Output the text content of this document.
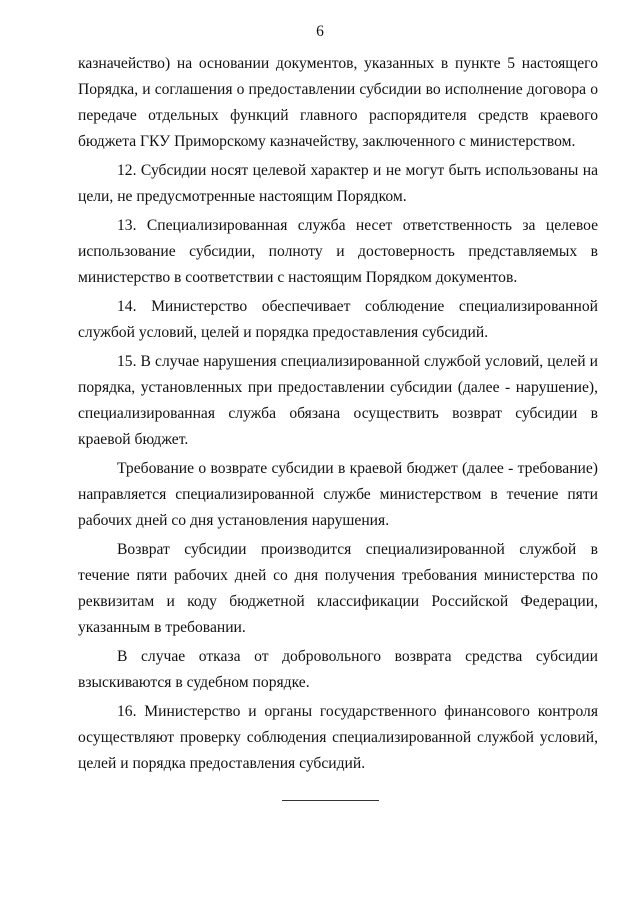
6

казначейство) на основании документов, указанных в пункте 5 настоящего Порядка, и соглашения о предоставлении субсидии во исполнение договора о передаче отдельных функций главного распорядителя средств краевого бюджета ГКУ Приморскому казначейству, заключенного с министерством.

12. Субсидии носят целевой характер и не могут быть использованы на цели, не предусмотренные настоящим Порядком.

13. Специализированная служба несет ответственность за целевое использование субсидии, полноту и достоверность представляемых в министерство в соответствии с настоящим Порядком документов.

14. Министерство обеспечивает соблюдение специализированной службой условий, целей и порядка предоставления субсидий.

15. В случае нарушения специализированной службой условий, целей и порядка, установленных при предоставлении субсидии (далее - нарушение), специализированная служба обязана осуществить возврат субсидии в краевой бюджет.

Требование о возврате субсидии в краевой бюджет (далее - требование) направляется специализированной службе министерством в течение пяти рабочих дней со дня установления нарушения.

Возврат субсидии производится специализированной службой в течение пяти рабочих дней со дня получения требования министерства по реквизитам и коду бюджетной классификации Российской Федерации, указанным в требовании.

В случае отказа от добровольного возврата средства субсидии взыскиваются в судебном порядке.

16. Министерство и органы государственного финансового контроля осуществляют проверку соблюдения специализированной службой условий, целей и порядка предоставления субсидий.
